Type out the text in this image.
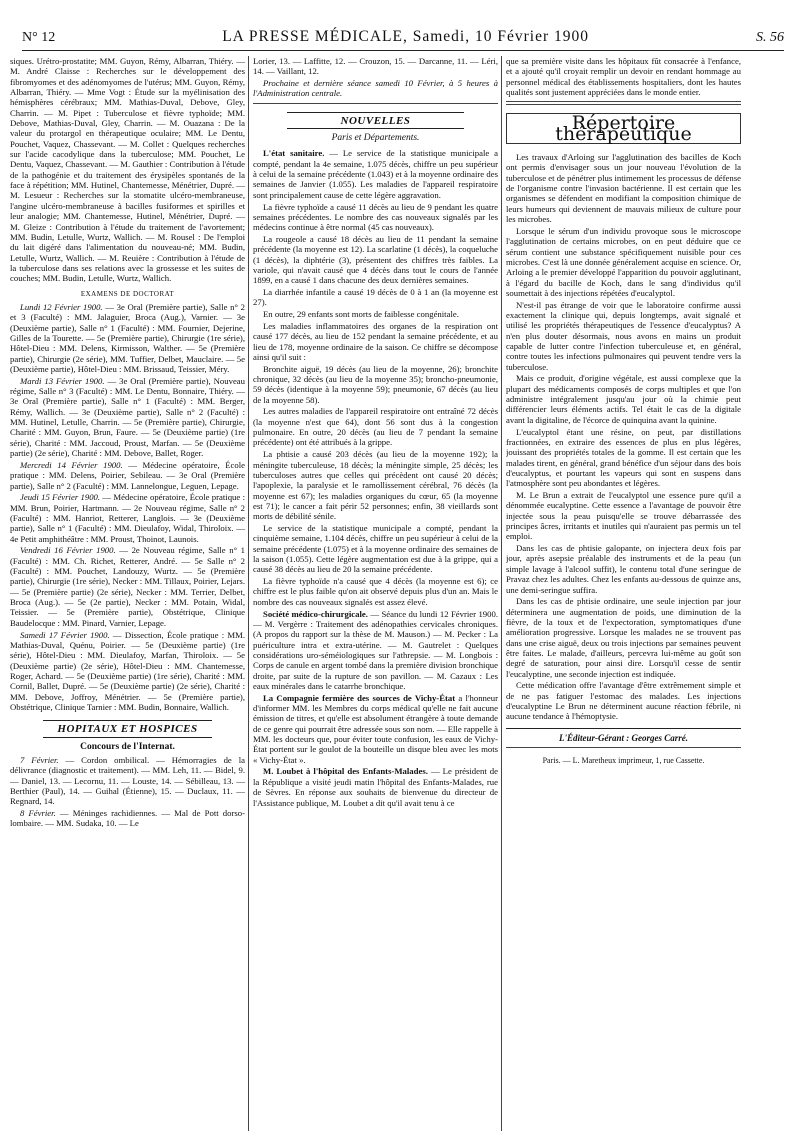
N° 12	LA PRESSE MÉDICALE, Samedi, 10 Février 1900	S. 56

siques. Urétro-prostatite; MM. Guyon, Rémy, Albarran, Thiéry. — M. André Claisse : Recherches sur le développement des fibromyomes et des adénomyomes de l'utérus; MM. Guyon, Rémy, Albarran, Thiéry. — Mme Vogt : Étude sur la myélinisation des hémisphères cérébraux; MM. Mathias-Duval, Debove, Gley, Charrin. — M. Pipet : Tuberculose et fièvre typhoïde; MM. Debove, Mathias-Duval, Gley, Charrin. — M. Ouazana : De la valeur du protargol en thérapeutique oculaire; MM. Le Dentu, Pouchet, Vaquez, Chassevant. — M. Collet : Quelques recherches sur l'acide cacodylique dans la tuberculose; MM. Pouchet, Le Dentu, Vaquez, Chassevant. — M. Gauthier : Contribution à l'étude de la pathogénie et du traitement des érysipèles spontanés de la face à répétition; MM. Hutinel, Chantemesse, Ménétrier, Dupré. — M. Lesueur : Recherches sur la stomatite ulcéro-membraneuse, l'angine ulcéro-membraneuse à bacilles fusiformes et spirilles et leur analogie; MM. Chantemesse, Hutinel, Ménétrier, Dupré. — M. Gleize : Contribution à l'étude du traitement de l'avortement; MM. Budin, Letulle, Wurtz, Wallich. — M. Rousel : De l'emploi du lait digéré dans l'alimentation du nouveau-né; MM. Budin, Letulle, Wurtz, Wallich. — M. Reuière : Contribution à l'étude de la tuberculose dans ses relations avec la grossesse et les suites de couches; MM. Budin, Letulle, Wurtz, Wallich.

EXAMENS DE DOCTORAT

Lundi 12 Février 1900. — 3e Oral (Première partie), Salle n° 2 et 3 (Faculté) : MM. Jalaguier, Broca (Aug.), Varnier. — 3e (Deuxième partie), Salle n° 1 (Faculté) : MM. Fournier, Dejerine, Gilles de la Tourette. — 5e (Première partie), Chirurgie (1re série), Hôtel-Dieu : MM. Delens, Kirmisson, Walther. — 5e (Première partie), Chirurgie (2e série), MM. Tuffier, Delbet, Mauclaire. — 5e (Deuxième partie), Hôtel-Dieu : MM. Brissaud, Teissier, Méry.

Mardi 13 Février 1900. — 3e Oral (Première partie), Nouveau régime, Salle n° 3 (Faculté) : MM. Le Dentu, Bonnaire, Thiéry. — 3e Oral (Première partie), Salle n° 1 (Faculté) : MM. Berger, Rémy, Wallich. — 3e (Deuxième partie), Salle n° 2 (Faculté) : MM. Hutinel, Letulle, Charrin. — 5e (Première partie), Chirurgie, Charité : MM. Guyon, Brun, Faure. — 5e (Deuxième partie) (1re série), Charité : MM. Jaccoud, Proust, Marfan. — 5e (Deuxième partie) (2e série), Charité : MM. Debove, Ballet, Roger.

Mercredi 14 Février 1900. — Médecine opératoire, École pratique : MM. Delens, Poirier, Sebileau. — 3e Oral (Première partie), Salle n° 2 (Faculté) : MM. Lannelongue, Leguen, Lepage.

Jeudi 15 Février 1900. — Médecine opératoire, École pratique : MM. Brun, Poirier, Hartmann. — 2e Nouveau régime, Salle n° 2 (Faculté) : MM. Hanriot, Retterer, Langlois. — 3e (Deuxième partie), Salle n° 1 (Faculté) : MM. Dieulafoy, Widal, Thiroloix. — 4e Petit amphithéâtre : MM. Proust, Thoinot, Launois.

Vendredi 16 Février 1900. — 2e Nouveau régime, Salle n° 1 (Faculté) : MM. Ch. Richet, Retterer, André. — 5e Salle n° 2 (Faculté) : MM. Pouchet, Landouzy, Wurtz. — 5e (Première partie), Chirurgie (1re série), Necker : MM. Tillaux, Poirier, Lejars. — 5e (Première partie) (2e série), Necker : MM. Terrier, Delbet, Broca (Aug.). — 5e (2e partie), Necker : MM. Potain, Widal, Teissier. — 5e (Première partie), Obstétrique, Clinique Baudelocque : MM. Pinard, Varnier, Lepage.

Samedi 17 Février 1900. — Dissection, École pratique : MM. Mathias-Duval, Quénu, Poirier. — 5e (Deuxième partie) (1re série), Hôtel-Dieu : MM. Dieulafoy, Marfan, Thiroloix. — 5e (Deuxième partie) (2e série), Hôtel-Dieu : MM. Chantemesse, Roger, Achard. — 5e (Deuxième partie) (1re série), Charité : MM. Cornil, Ballet, Dupré. — 5e (Deuxième partie) (2e série), Charité : MM. Debove, Joffroy, Ménétrier. — 5e (Première partie), Obstétrique, Clinique Tarnier : MM. Budin, Bonnaire, Wallich.

HOPITAUX ET HOSPICES
Concours de l'Internat.

7 Février. — Cordon ombilical. — Hémorragies de la délivrance (diagnostic et traitement). — MM. Leh, 11. — Bidel, 9. — Daniel, 13. — Lecornu, 11. — Louste, 14. — Sébilleau, 13. — Berthier (Paul), 14. — Guihal (Étienne), 15. — Duclaux, 11. — Regnard, 14.

8 Février. — Méninges rachidiennes. — Mal de Pott dorso-lombaire. — MM. Sudaka, 10. — Le

Lorier, 13. — Laffitte, 12. — Crouzon, 15. — Darcanne, 11. — Léri, 14. — Vaillant, 12.

Prochaine et dernière séance samedi 10 Février, à 5 heures à l'Administration centrale.

NOUVELLES
Paris et Départements.

L'état sanitaire. — Le service de la statistique municipale a compté, pendant la 4e semaine, 1.075 décès, chiffre un peu supérieur à celui de la semaine précédente (1.043) et à la moyenne ordinaire des semaines de Janvier (1.055). Les maladies de l'appareil respiratoire sont principalement cause de cette légère aggravation.

La fièvre typhoïde a causé 11 décès au lieu de 9 pendant les quatre semaines précédentes. Le nombre des cas nouveaux signalés par les médecins continue à être normal (45 cas nouveaux).

La rougeole a causé 18 décès au lieu de 11 pendant la semaine précédente (la moyenne est 12). La scarlatine (1 décès), la coqueluche (1 décès), la diphtérie (3), présentent des chiffres très faibles. La variole, qui n'avait causé que 4 décès dans tout le cours de l'année 1899, en a causé 1 dans chacune des deux dernières semaines.

La diarrhée infantile a causé 19 décès de 0 à 1 an (la moyenne est 27).

En outre, 29 enfants sont morts de faiblesse congénitale.

Les maladies inflammatoires des organes de la respiration ont causé 177 décès, au lieu de 152 pendant la semaine précédente, et au lieu de 178, moyenne ordinaire de la saison. Ce chiffre se décompose ainsi qu'il suit :

Bronchite aiguë, 19 décès (au lieu de la moyenne, 26); bronchite chronique, 32 décès (au lieu de la moyenne 35); broncho-pneumonie, 59 décès (identique à la moyenne 59); pneumonie, 67 décès (au lieu de la moyenne 58).

Les autres maladies de l'appareil respiratoire ont entraîné 72 décès (la moyenne n'est que 64), dont 56 sont dus à la congestion pulmonaire. En outre, 20 décès (au lieu de 7 pendant la semaine précédente) ont été attribués à la grippe.

La phtisie a causé 203 décès (au lieu de la moyenne 192); la méningite tuberculeuse, 18 décès; la méningite simple, 25 décès; les tuberculoses autres que celles qui précèdent ont causé 20 décès; l'apoplexie, la paralysie et le ramollissement cérébral, 76 décès (la moyenne est 67); les maladies organiques du cœur, 65 (la moyenne est 71); le cancer a fait périr 52 personnes; enfin, 38 vieillards sont morts de débilité sénile.

Le service de la statistique municipale a compté, pendant la cinquième semaine, 1.104 décès, chiffre un peu supérieur à celui de la semaine précédente (1.075) et à la moyenne ordinaire des semaines de la saison (1.055). Cette légère augmentation est due à la grippe, qui a causé 38 décès au lieu de 20 la semaine précédente.

La fièvre typhoïde n'a causé que 4 décès (la moyenne est 6); ce chiffre est le plus faible qu'on ait observé depuis plus d'un an. Mais le nombre des cas nouveaux signalés est assez élevé.

Société médico-chirurgicale. — Séance du lundi 12 Février 1900. — M. Vergèrre : Traitement des adénopathies cervicales chroniques. (A propos du rapport sur la thèse de M. Mauson.) — M. Pecker : La puériculture intra et extra-utérine. — M. Gautrelet : Quelques considérations uro-séméiologiques sur l'athrepsie. — M. Longbois : Corps de canule en argent tombé dans la première division bronchique droite, par suite de la rupture de son pavillon. — M. Cazaux : Les eaux minérales dans le catarrhe bronchique.

La Compagnie fermière des sources de Vichy-État a l'honneur d'informer MM. les Membres du corps médical qu'elle ne fait aucune émission de titres, et qu'elle est absolument étrangère à toute demande de ce genre qui pourrait être adressée sous son nom. — Elle rappelle à MM. les docteurs que, pour éviter toute confusion, les eaux de Vichy-État portent sur le goulot de la bouteille un disque bleu avec les mots « Vichy-État ».

M. Loubet à l'hôpital des Enfants-Malades. — Le président de la République a visité jeudi matin l'hôpital des Enfants-Malades, rue de Sèvres. En réponse aux souhaits de bienvenue du directeur de l'Assistance publique, M. Loubet a dit qu'il avait tenu à ce

que sa première visite dans les hôpitaux fût consacrée à l'enfance, et a ajouté qu'il croyait remplir un devoir en rendant hommage au personnel médical des établissements hospitaliers, dont les hautes qualités sont justement appréciées dans le monde entier.

Répertoire thérapeutique

Les travaux d'Arloing sur l'agglutination des bacilles de Koch ont permis d'envisager sous un jour nouveau l'évolution de la tuberculose et de pénétrer plus intimement les processus de défense de l'organisme contre l'invasion bactérienne. Il est certain que les organismes se défendent en modifiant la composition chimique de leurs humeurs qui deviennent de mauvais milieux de culture pour les microbes.

Lorsque le sérum d'un individu provoque sous le microscope l'agglutination de certains microbes, on en peut déduire que ce sérum contient une substance spécifiquement nuisible pour ces microbes. C'est là une donnée généralement acquise en science. Or, Arloing a le premier développé l'apparition du pouvoir agglutinant, à l'égard du bacille de Koch, dans le sang d'individus qu'il soumettait à des injections répétées d'eucalyptol.

N'est-il pas étrange de voir que le laboratoire confirme aussi exactement la clinique qui, depuis longtemps, avait signalé et utilisé les propriétés thérapeutiques de l'essence d'eucalyptus? A n'en plus douter désormais, nous avons en mains un produit capable de lutter contre l'infection tuberculeuse et, en général, contre toutes les infections pulmonaires qui peuvent tendre vers la tuberculose.

Mais ce produit, d'origine végétale, est aussi complexe que la plupart des médicaments composés de corps multiples et que l'on administre intégralement jusqu'au jour où la chimie peut différencier leurs éléments actifs. Tel était le cas de la digitale avant la digitaline, de l'écorce de quinquina avant la quinine.

L'eucalyptol étant une résine, on peut, par distillations fractionnées, en extraire des essences de plus en plus légères, jouissant des propriétés totales de la gomme. Il est certain que les malades tirent, en général, grand bénéfice d'un séjour dans des bois d'eucalyptus, et pourtant les vapeurs qui sont en suspens dans l'atmosphère sont peu abondantes et légères.

M. Le Brun a extrait de l'eucalyptol une essence pure qu'il a dénommée eucalyptine. Cette essence a l'avantage de pouvoir être injectée sous la peau puisqu'elle se trouve débarrassée des principes âcres, irritants et inutiles qui n'auraient pas permis un tel emploi.

Dans les cas de phtisie galopante, on injectera deux fois par jour, après asepsie préalable des instruments et de la peau (un simple lavage à l'alcool suffit), le contenu total d'une seringue de Pravaz chez les adultes. Chez les enfants au-dessous de quinze ans, une demi-seringue suffira.

Dans les cas de phtisie ordinaire, une seule injection par jour déterminera une augmentation de poids, une diminution de la fièvre, de la toux et de l'expectoration, symptomatiques d'une amélioration progressive. Lorsque les malades ne se trouvent pas dans une crise aiguë, deux ou trois injections par semaines peuvent être faites. Le malade, d'ailleurs, percevra lui-même au goût son degré de saturation, pour ainsi dire. Lorsqu'il cesse de sentir l'eucalyptine, une seconde injection est indiquée.

Cette médication offre l'avantage d'être extrêmement simple et de ne pas fatiguer l'estomac des malades. Les injections d'eucalyptine Le Brun ne déterminent aucune réaction fébrile, ni aucune tendance à l'hémoptysie.

L'Éditeur-Gérant : Georges Carré.
Paris. — L. Maretheux imprimeur, 1, rue Cassette.
